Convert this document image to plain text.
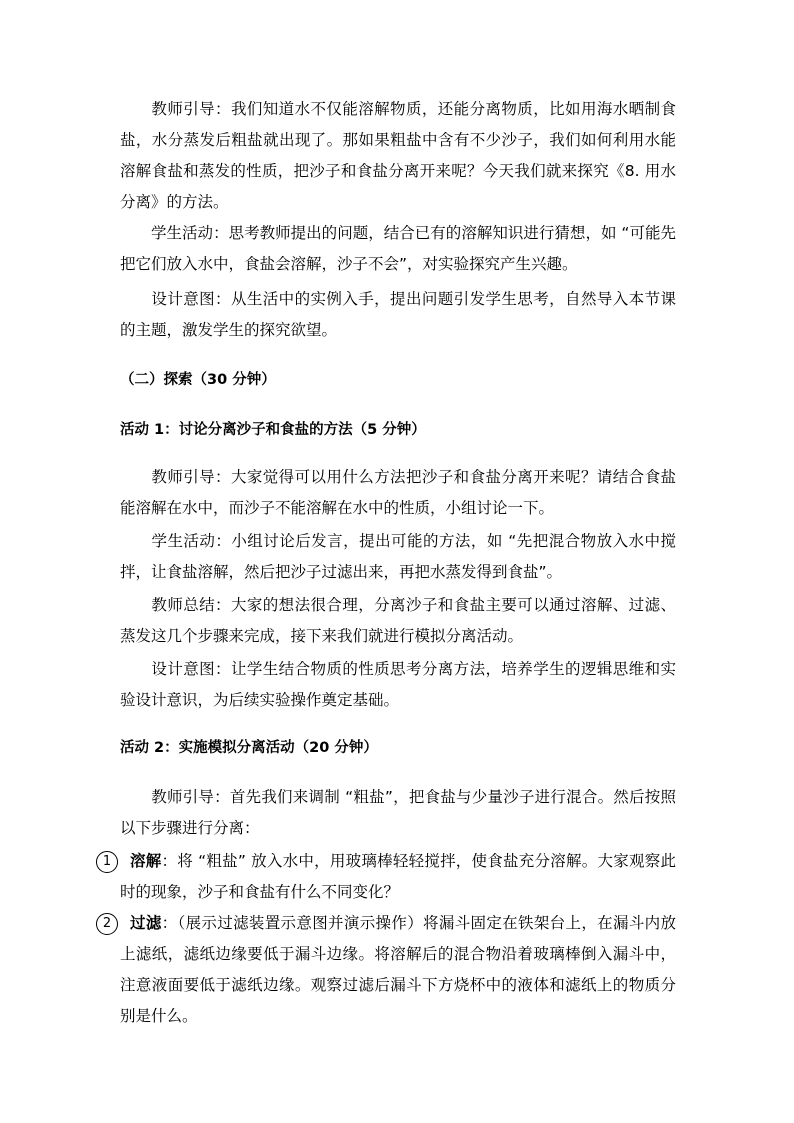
教师引导：我们知道水不仅能溶解物质，还能分离物质，比如用海水晒制食盐，水分蒸发后粗盐就出现了。那如果粗盐中含有不少沙子，我们如何利用水能溶解食盐和蒸发的性质，把沙子和食盐分离开来呢？今天我们就来探究《8. 用水分离》的方法。
学生活动：思考教师提出的问题，结合已有的溶解知识进行猜想，如 “可能先把它们放入水中，食盐会溶解，沙子不会”，对实验探究产生兴趣。
设计意图：从生活中的实例入手，提出问题引发学生思考，自然导入本节课的主题，激发学生的探究欲望。
（二）探索（30 分钟）
活动 1：讨论分离沙子和食盐的方法（5 分钟）
教师引导：大家觉得可以用什么方法把沙子和食盐分离开来呢？请结合食盐能溶解在水中，而沙子不能溶解在水中的性质，小组讨论一下。
学生活动：小组讨论后发言，提出可能的方法，如 “先把混合物放入水中搅拌，让食盐溶解，然后把沙子过滤出来，再把水蒸发得到食盐”。
教师总结：大家的想法很合理，分离沙子和食盐主要可以通过溶解、过滤、蒸发这几个步骤来完成，接下来我们就进行模拟分离活动。
设计意图：让学生结合物质的性质思考分离方法，培养学生的逻辑思维和实验设计意识，为后续实验操作奠定基础。
活动 2：实施模拟分离活动（20 分钟）
教师引导：首先我们来调制 “粗盐”，把食盐与少量沙子进行混合。然后按照以下步骤进行分离：
1	溶解：将 “粗盐” 放入水中，用玻璃棒轻轻搅拌，使食盐充分溶解。大家观察此时的现象，沙子和食盐有什么不同变化？
2	过滤：（展示过滤装置示意图并演示操作）将漏斗固定在铁架台上，在漏斗内放上滤纸，滤纸边缘要低于漏斗边缘。将溶解后的混合物沿着玻璃棒倒入漏斗中，注意液面要低于滤纸边缘。观察过滤后漏斗下方烧杯中的液体和滤纸上的物质分别是什么。
